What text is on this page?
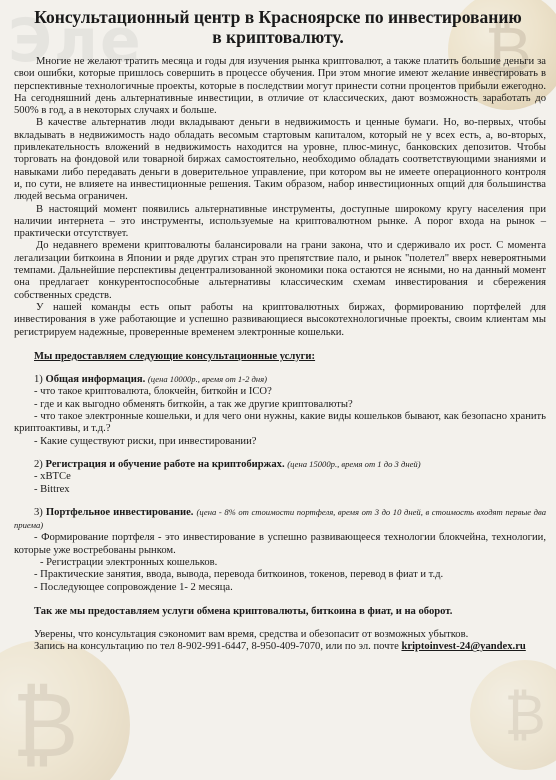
Эле
₿
₿
₿
Консультационный центр в Красноярске по инвестированию в криптовалюту.

Многие не желают тратить месяца и годы для изучения рынка криптовалют, а также платить большие деньги за свои ошибки, которые пришлось совершить в процессе обучения. При этом многие имеют желание инвестировать в перспективные технологичные проекты, которые в последствии могут принести сотни процентов прибыли ежегодно. На сегодняшний день альтернативные инвестиции, в отличие от классических, дают возможность заработать до 500% в год, а в некоторых случаях и больше.

В качестве альтернатив люди вкладывают деньги в недвижимость и ценные бумаги. Но, во-первых, чтобы вкладывать в недвижимость надо обладать весомым стартовым капиталом, который не у всех есть, а, во-вторых, привлекательность вложений в недвижимость находится на уровне, плюс-минус, банковских депозитов. Чтобы торговать на фондовой или товарной биржах самостоятельно, необходимо обладать соответствующими знаниями и навыками либо передавать деньги в доверительное управление, при котором вы не имеете операционного контроля и, по сути, не влияете на инвестиционные решения. Таким образом, набор инвестиционных опций для большинства людей весьма ограничен.

В настоящий момент появились альтернативные инструменты, доступные широкому кругу населения при наличии интернета – это инструменты, используемые на криптовалютном рынке. А порог входа на рынок – практически отсутствует.

До недавнего времени криптовалюты балансировали на грани закона, что и сдерживало их рост. С момента легализации биткоина в Японии и ряде других стран это препятствие пало, и рынок "полетел" вверх невероятными темпами. Дальнейшие перспективы децентрализованной экономики пока остаются не ясными, но на данный момент она предлагает конкурентоспособные альтернативы классическим схемам инвестирования и сбережения собственных средств.

У нашей команды есть опыт работы на криптовалютных биржах, формированию портфелей для инвестирования в уже работающие и успешно развивающиеся высокотехнологичные проекты, своим клиентам мы регистрируем надежные, проверенные временем электронные кошельки.

Мы предоставляем следующие консультационные услуги:
1) Общая информация. (цена 10000р., время от 1-2 дня)

- что такое криптовалюта, блокчейн, биткойн и ICO?

- где и как выгодно обменять биткойн, а так же другие криптовалюты?

- что такое электронные кошельки, и для чего они нужны, какие виды кошельков бывают, как безопасно хранить криптоактивы, и т.д.?

- Какие существуют риски, при инвестировании?

2) Регистрация и обучение работе на криптобиржах. (цена 15000р., время от 1 до 3 дней)

- xBTCe

- Bittrex

3) Портфельное инвестирование. (цена - 8% от стоимости портфеля, время от 3 до 10 дней, в стоимость входят первые два приема)

- Формирование портфеля - это инвестирование в успешно развивающееся технологии блокчейна, технологии, которые уже востребованы рынком.

- Регистрации электронных кошельков.

- Практические занятия, ввода, вывода, перевода биткоинов, токенов, перевод в фиат и т.д.

- Последующее сопровождение 1- 2 месяца.

Так же мы предоставляем услуги обмена криптовалюты, биткоина в фиат, и на оборот.

Уверены, что консультация сэкономит вам время, средства и обезопасит от возможных убытков.

Запись на консультацию по тел 8-902-991-6447, 8-950-409-7070, или по эл. почте kriptoinvest-24@yandex.ru
